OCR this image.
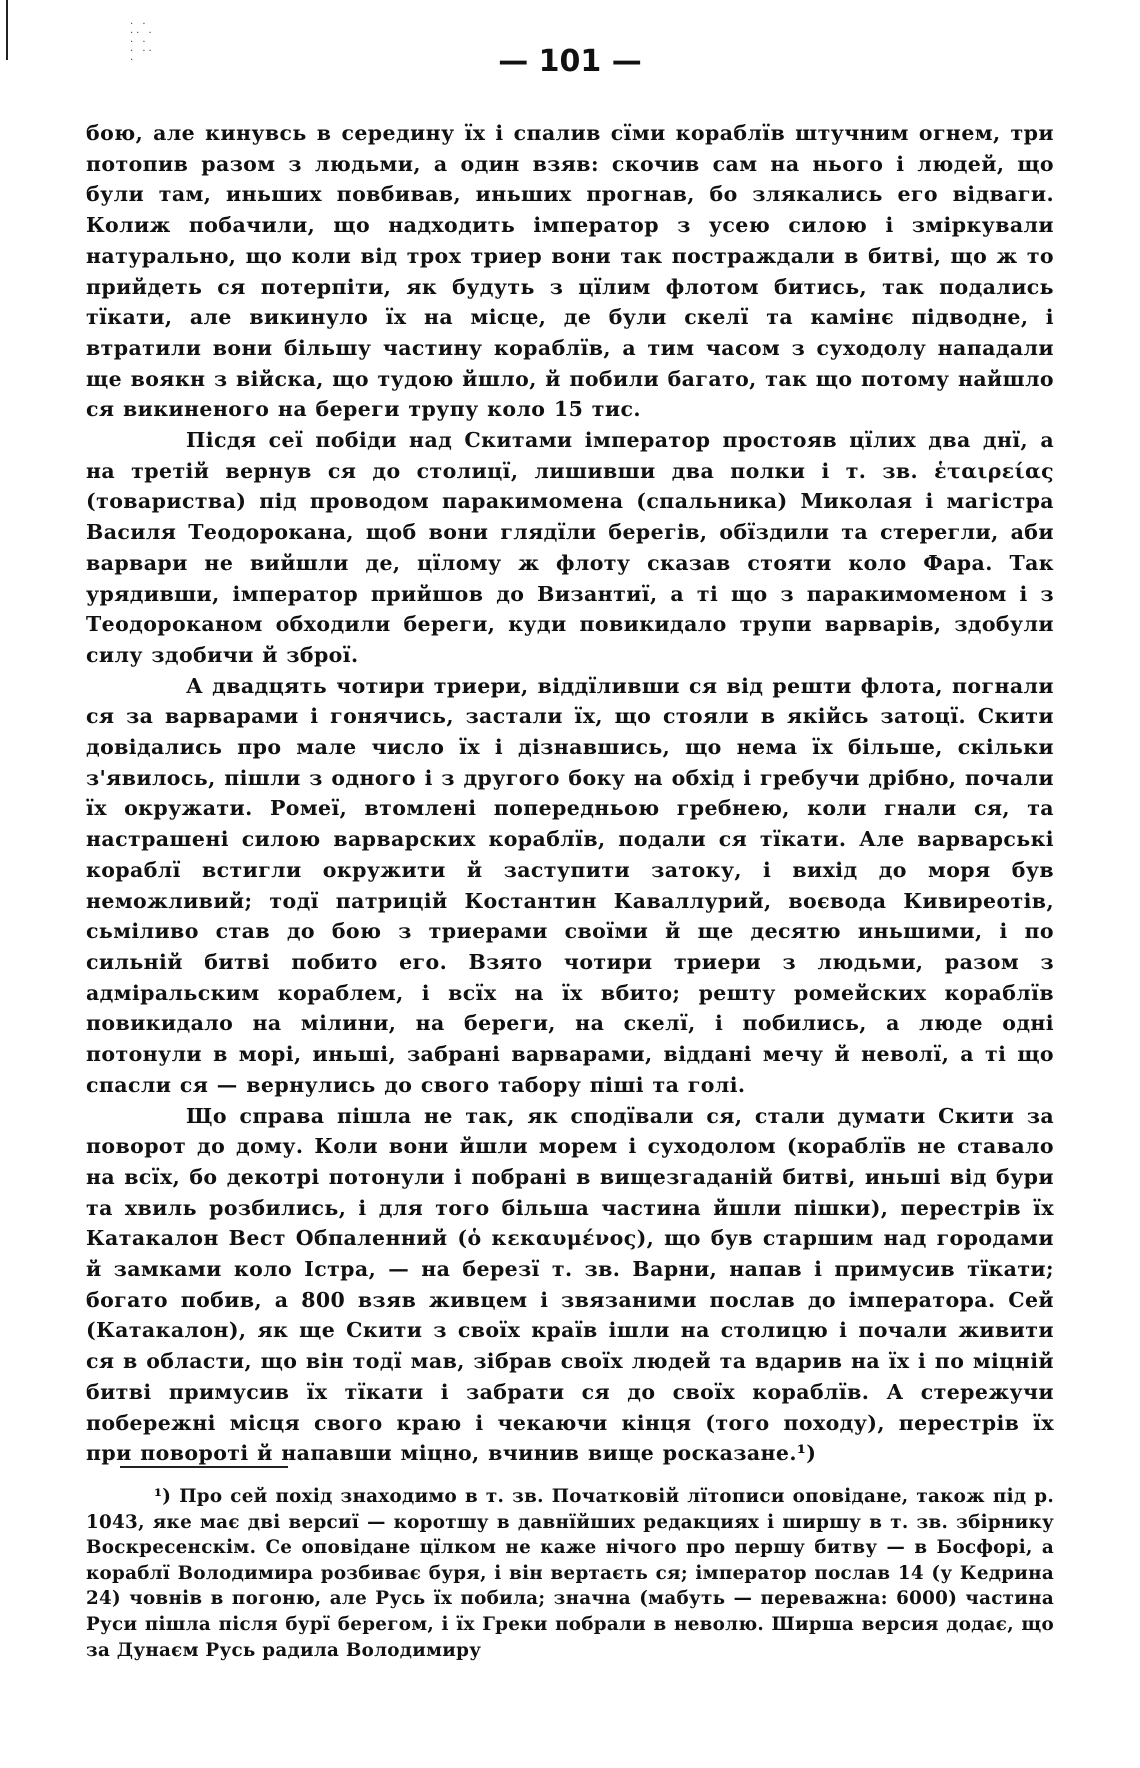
· ·
·· ·
· ·
· ··
·	— 101 —

бою, але кинувсь в середину їх і спалив сїми кораблїв штучним огнем, три потопив разом з людьми, а один взяв: скочив сам на нього і людей, що були там, иньших повбивав, иньших прогнав, бо злякались его відваги. Колиж побачили, що надходить імператор з усею силою і зміркували натурально, що коли від трох триер вони так постраждали в битві, що ж то прийдеть ся потерпіти, як будуть з цїлим флотом битись, так подались тїкати, але викинуло їх на місце, де були скелї та камінє підводне, і втратили вони більшу частину кораблїв, а тим часом з суходолу нападали ще воякн з війска, що тудою йшло, й побили багато, так що потому найшло ся викиненого на береги трупу коло 15 тис.

Пісдя сеї побіди над Скитами імператор простояв цїлих два днї, а на третій вернув ся до столицї, лишивши два полки і т. зв. ἑταιρείας (товариства) під проводом паракимомена (спальника) Миколая і магістра Василя Теодорокана, щоб вони глядїли берегів, обїздили та стерегли, аби варвари не вийшли де, цїлому ж флоту сказав стояти коло Фара. Так урядивши, імператор прийшов до Византиї, а ті що з паракимоменом і з Теодороканом обходили береги, куди повикидало трупи варварів, здобули силу здобичи й зброї.

А двадцять чотири триери, віддїливши ся від решти флота, погнали ся за варварами і гонячись, застали їх, що стояли в якійсь затоцї. Скити довідались про мале число їх і дізнавшись, що нема їх більше, скільки з'явилось, пішли з одного і з другого боку на обхід і гребучи дрібно, почали їх окружати. Ромеї, втомлені попередньою гребнею, коли гнали ся, та настрашені силою варварских кораблїв, подали ся тїкати. Але варварські кораблї встигли окружити й заступити затоку, і вихід до моря був неможливий; тодї патрицій Костантин Каваллурий, воєвода Кивиреотів, сьміливо став до бою з триерами своїми й ще десятю иньшими, і по сильній битві побито его. Взято чотири триери з людьми, разом з адміральским кораблем, і всїх на їх вбито; решту ромейских кораблїв повикидало на мілини, на береги, на скелї, і побились, а люде одні потонули в морі, иньші, забрані варварами, віддані мечу й неволї, а ті що спасли ся — вернулись до свого табору піші та голі.

Що справа пішла не так, як сподївали ся, стали думати Скити за поворот до дому. Коли вони йшли морем і суходолом (кораблїв не ставало на всїх, бо декотрі потонули і побрані в вищезгаданій битві, иньші від бури та хвиль розбились, і для того більша частина йшли пішки), перестрів їх Катакалон Вест Обпаленний (ὁ κεκαυμένος), що був старшим над городами й замками коло Істра, — на березї т. зв. Варни, напав і примусив тїкати; богато побив, а 800 взяв живцем і звязаними послав до імператора. Сей (Катакалон), як ще Скити з своїх країв ішли на столицю і почали живити ся в области, що він тодї мав, зібрав своїх людей та вдарив на їх і по міцній битві примусив їх тїкати і забрати ся до своїх кораблїв. А стережучи побережні місця свого краю і чекаючи кінця (того походу), перестрів їх при повороті й напавши міцно, вчинив вище росказане.¹)

¹) Про сей похід знаходимо в т. зв. Початковій лїтописи оповідане, також під р. 1043, яке має дві версиї — коротшу в давнїйших редакциях і ширшу в т. зв. збірнику Воскресенскім. Се оповідане цїлком не каже нічого про першу битву — в Босфорі, а кораблї Володимира розбиває буря, і він вертаєть ся; імператор послав 14 (у Кедрина 24) човнів в погоню, але Русь їх побила; значна (мабуть — переважна: 6000) частина Руси пішла після бурї берегом, і їх Греки побрали в неволю. Ширша версия додає, що за Дунаєм Русь радила Володимиру
